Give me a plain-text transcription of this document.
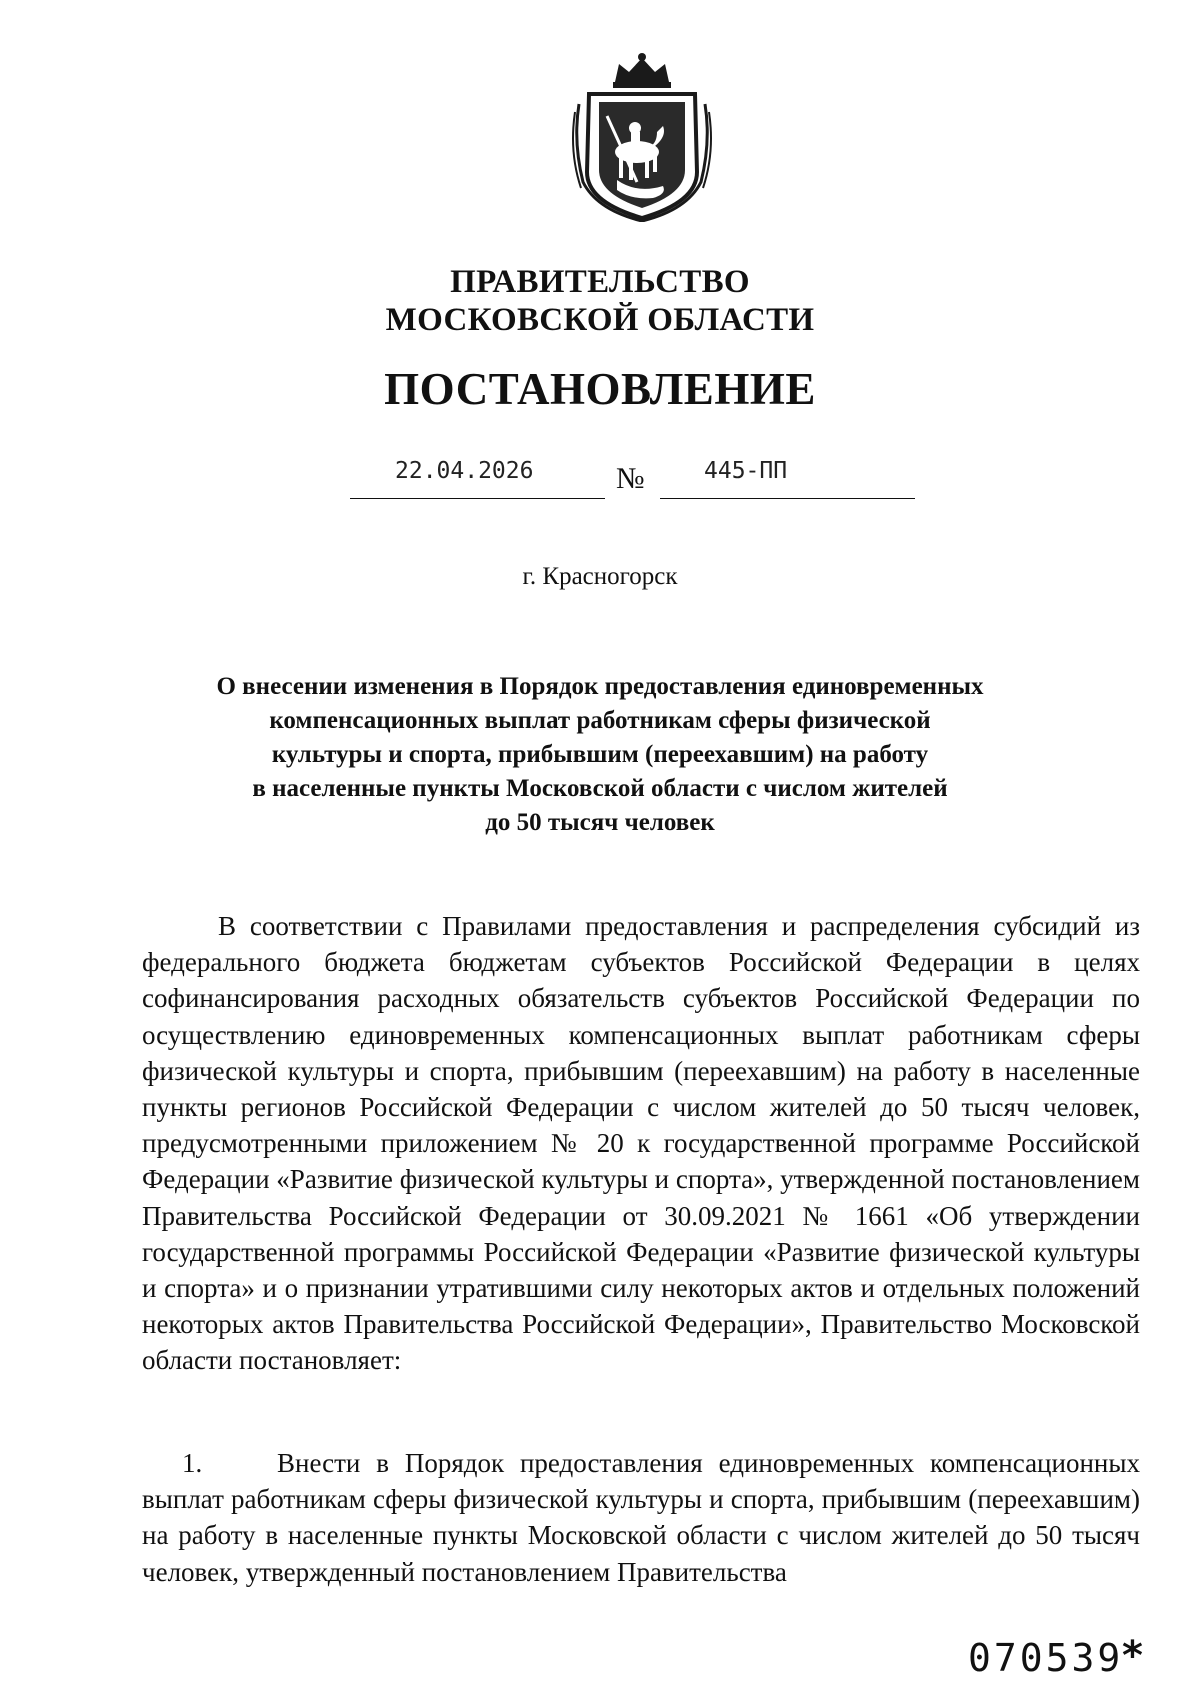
ПРАВИТЕЛЬСТВО
МОСКОВСКОЙ ОБЛАСТИ
ПОСТАНОВЛЕНИЕ
22.04.2026	№	445-ПП
г. Красногорск
О внесении изменения в Порядок предоставления единовременных
компенсационных выплат работникам сферы физической
культуры и спорта, прибывшим (переехавшим) на работу
в населенные пункты Московской области с числом жителей
до 50 тысяч человек
В соответствии с Правилами предоставления и распределения субсидий из федерального бюджета бюджетам субъектов Российской Федерации в целях софинансирования расходных обязательств субъектов Российской Федерации по осуществлению единовременных компенсационных выплат работникам сферы физической культуры и спорта, прибывшим (переехавшим) на работу в населенные пункты регионов Российской Федерации с числом жителей до 50 тысяч человек, предусмотренными приложением № 20 к государственной программе Российской Федерации «Развитие физической культуры и спорта», утвержденной постановлением Правительства Российской Федерации от 30.09.2021 № 1661 «Об утверждении государственной программы Российской Федерации «Развитие физической культуры и спорта» и о признании утратившими силу некоторых актов и отдельных положений некоторых актов Правительства Российской Федерации», Правительство Московской области постановляет:
1.	Внести в Порядок предоставления единовременных компенсационных выплат работникам сферы физической культуры и спорта, прибывшим (переехавшим) на работу в населенные пункты Московской области с числом жителей до 50 тысяч человек, утвержденный постановлением Правительства
070539
*
